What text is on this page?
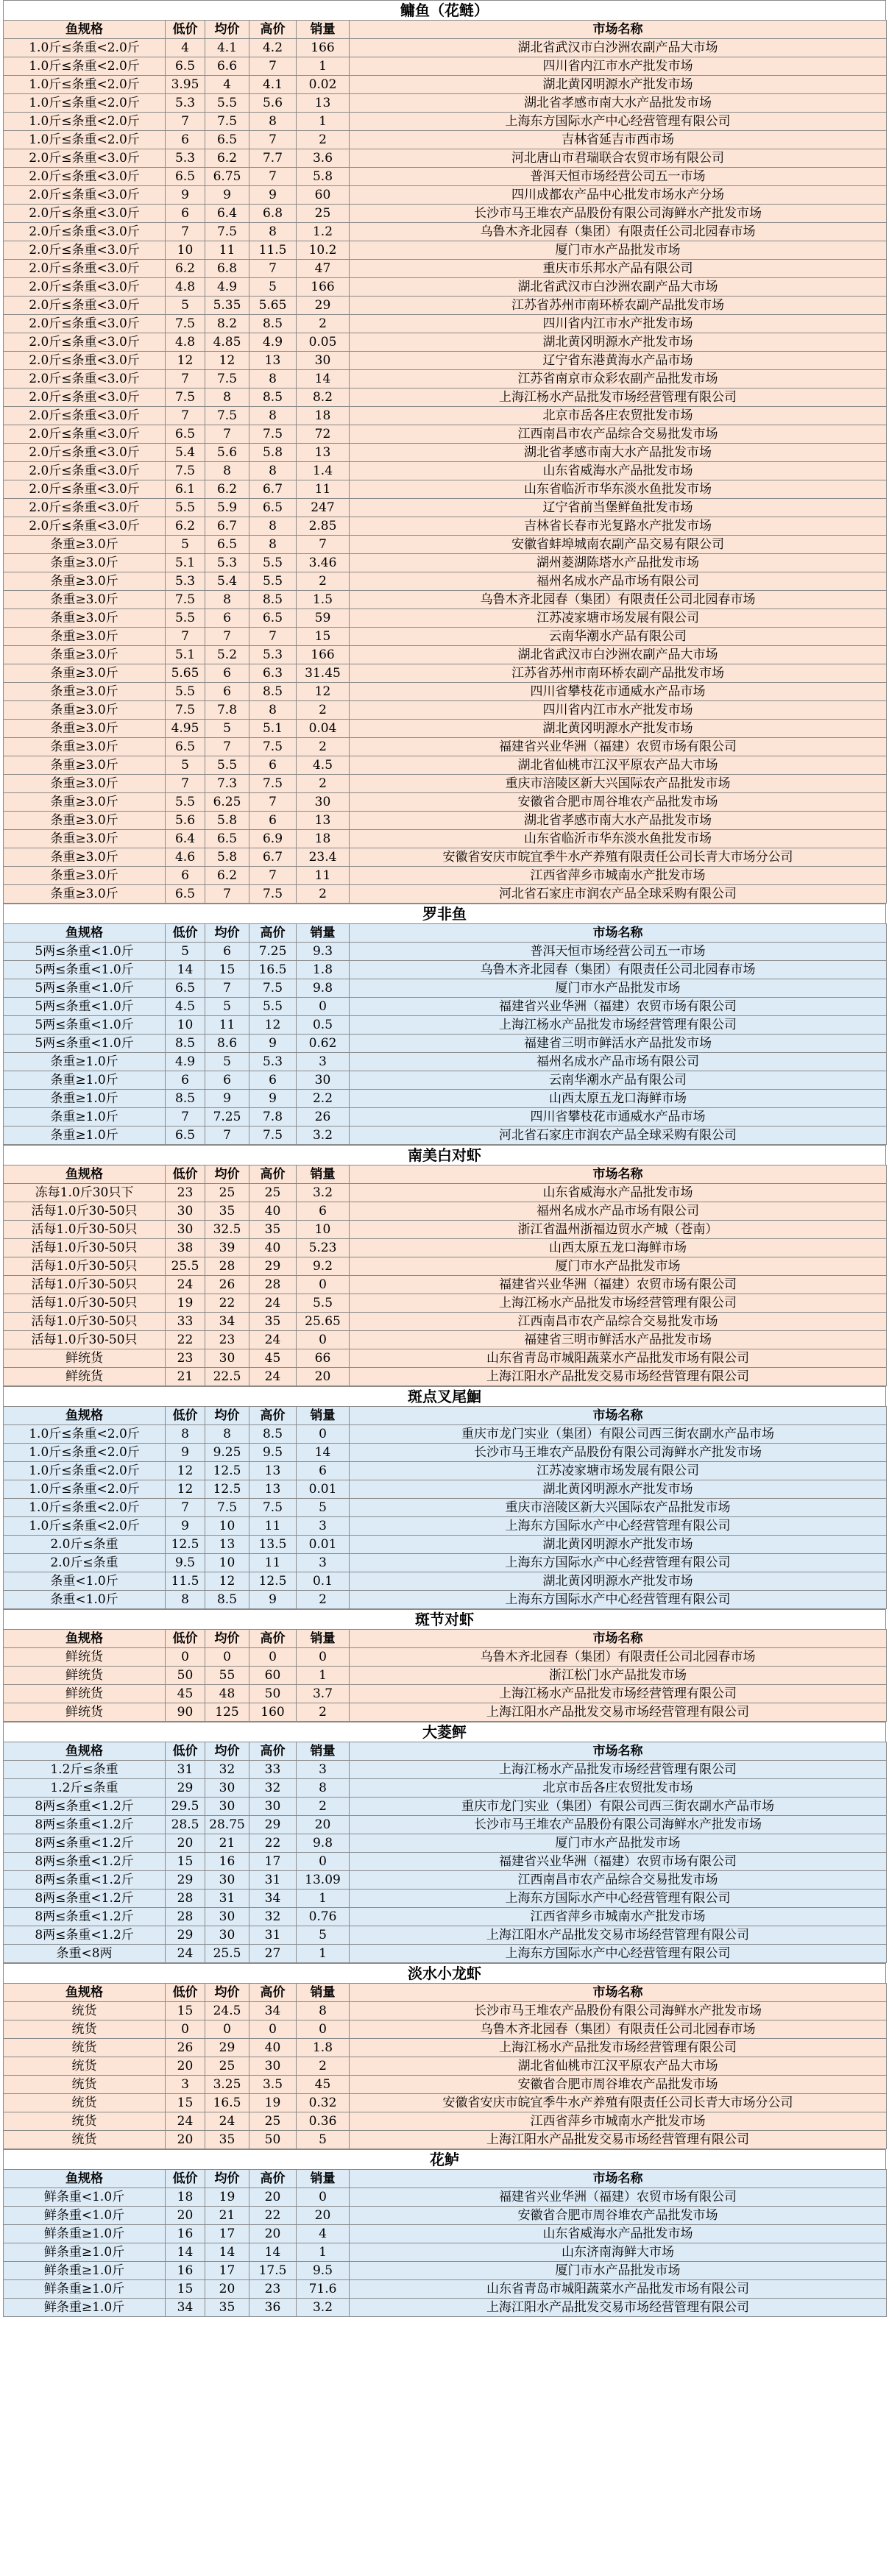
鳙鱼（花鲢）
鱼规格	低价	均价	高价	销量	市场名称
1.0斤≤条重<2.0斤	4	4.1	4.2	166	湖北省武汉市白沙洲农副产品大市场
1.0斤≤条重<2.0斤	6.5	6.6	7	1	四川省内江市水产批发市场
1.0斤≤条重<2.0斤	3.95	4	4.1	0.02	湖北黄冈明源水产批发市场
1.0斤≤条重<2.0斤	5.3	5.5	5.6	13	湖北省孝感市南大水产品批发市场
1.0斤≤条重<2.0斤	7	7.5	8	1	上海东方国际水产中心经营管理有限公司
1.0斤≤条重<2.0斤	6	6.5	7	2	吉林省延吉市西市场
2.0斤≤条重<3.0斤	5.3	6.2	7.7	3.6	河北唐山市君瑞联合农贸市场有限公司
2.0斤≤条重<3.0斤	6.5	6.75	7	5.8	普洱天恒市场经营公司五一市场
2.0斤≤条重<3.0斤	9	9	9	60	四川成都农产品中心批发市场水产分场
2.0斤≤条重<3.0斤	6	6.4	6.8	25	长沙市马王堆农产品股份有限公司海鲜水产批发市场
2.0斤≤条重<3.0斤	7	7.5	8	1.2	乌鲁木齐北园春（集团）有限责任公司北园春市场
2.0斤≤条重<3.0斤	10	11	11.5	10.2	厦门市水产品批发市场
2.0斤≤条重<3.0斤	6.2	6.8	7	47	重庆市乐邦水产品有限公司
2.0斤≤条重<3.0斤	4.8	4.9	5	166	湖北省武汉市白沙洲农副产品大市场
2.0斤≤条重<3.0斤	5	5.35	5.65	29	江苏省苏州市南环桥农副产品批发市场
2.0斤≤条重<3.0斤	7.5	8.2	8.5	2	四川省内江市水产批发市场
2.0斤≤条重<3.0斤	4.8	4.85	4.9	0.05	湖北黄冈明源水产批发市场
2.0斤≤条重<3.0斤	12	12	13	30	辽宁省东港黄海水产品市场
2.0斤≤条重<3.0斤	7	7.5	8	14	江苏省南京市众彩农副产品批发市场
2.0斤≤条重<3.0斤	7.5	8	8.5	8.2	上海江杨水产品批发市场经营管理有限公司
2.0斤≤条重<3.0斤	7	7.5	8	18	北京市岳各庄农贸批发市场
2.0斤≤条重<3.0斤	6.5	7	7.5	72	江西南昌市农产品综合交易批发市场
2.0斤≤条重<3.0斤	5.4	5.6	5.8	13	湖北省孝感市南大水产品批发市场
2.0斤≤条重<3.0斤	7.5	8	8	1.4	山东省威海水产品批发市场
2.0斤≤条重<3.0斤	6.1	6.2	6.7	11	山东省临沂市华东淡水鱼批发市场
2.0斤≤条重<3.0斤	5.5	5.9	6.5	247	辽宁省前当堡鲜鱼批发市场
2.0斤≤条重<3.0斤	6.2	6.7	8	2.85	吉林省长春市光复路水产批发市场
条重≥3.0斤	5	6.5	8	7	安徽省蚌埠城南农副产品交易有限公司
条重≥3.0斤	5.1	5.3	5.5	3.46	湖州菱湖陈塔水产品批发市场
条重≥3.0斤	5.3	5.4	5.5	2	福州名成水产品市场有限公司
条重≥3.0斤	7.5	8	8.5	1.5	乌鲁木齐北园春（集团）有限责任公司北园春市场
条重≥3.0斤	5.5	6	6.5	59	江苏凌家塘市场发展有限公司
条重≥3.0斤	7	7	7	15	云南华潮水产品有限公司
条重≥3.0斤	5.1	5.2	5.3	166	湖北省武汉市白沙洲农副产品大市场
条重≥3.0斤	5.65	6	6.3	31.45	江苏省苏州市南环桥农副产品批发市场
条重≥3.0斤	5.5	6	8.5	12	四川省攀枝花市通威水产品市场
条重≥3.0斤	7.5	7.8	8	2	四川省内江市水产批发市场
条重≥3.0斤	4.95	5	5.1	0.04	湖北黄冈明源水产批发市场
条重≥3.0斤	6.5	7	7.5	2	福建省兴业华洲（福建）农贸市场有限公司
条重≥3.0斤	5	5.5	6	4.5	湖北省仙桃市江汉平原农产品大市场
条重≥3.0斤	7	7.3	7.5	2	重庆市涪陵区新大兴国际农产品批发市场
条重≥3.0斤	5.5	6.25	7	30	安徽省合肥市周谷堆农产品批发市场
条重≥3.0斤	5.6	5.8	6	13	湖北省孝感市南大水产品批发市场
条重≥3.0斤	6.4	6.5	6.9	18	山东省临沂市华东淡水鱼批发市场
条重≥3.0斤	4.6	5.8	6.7	23.4	安徽省安庆市皖宜季牛水产养殖有限责任公司长青大市场分公司
条重≥3.0斤	6	6.2	7	11	江西省萍乡市城南水产批发市场
条重≥3.0斤	6.5	7	7.5	2	河北省石家庄市润农产品全球采购有限公司
罗非鱼
鱼规格	低价	均价	高价	销量	市场名称
5两≤条重<1.0斤	5	6	7.25	9.3	普洱天恒市场经营公司五一市场
5两≤条重<1.0斤	14	15	16.5	1.8	乌鲁木齐北园春（集团）有限责任公司北园春市场
5两≤条重<1.0斤	6.5	7	7.5	9.8	厦门市水产品批发市场
5两≤条重<1.0斤	4.5	5	5.5	0	福建省兴业华洲（福建）农贸市场有限公司
5两≤条重<1.0斤	10	11	12	0.5	上海江杨水产品批发市场经营管理有限公司
5两≤条重<1.0斤	8.5	8.6	9	0.62	福建省三明市鲜活水产品批发市场
条重≥1.0斤	4.9	5	5.3	3	福州名成水产品市场有限公司
条重≥1.0斤	6	6	6	30	云南华潮水产品有限公司
条重≥1.0斤	8.5	9	9	2.2	山西太原五龙口海鲜市场
条重≥1.0斤	7	7.25	7.8	26	四川省攀枝花市通威水产品市场
条重≥1.0斤	6.5	7	7.5	3.2	河北省石家庄市润农产品全球采购有限公司
南美白对虾
鱼规格	低价	均价	高价	销量	市场名称
冻每1.0斤30只下	23	25	25	3.2	山东省威海水产品批发市场
活每1.0斤30-50只	30	35	40	6	福州名成水产品市场有限公司
活每1.0斤30-50只	30	32.5	35	10	浙江省温州浙福边贸水产城（苍南）
活每1.0斤30-50只	38	39	40	5.23	山西太原五龙口海鲜市场
活每1.0斤30-50只	25.5	28	29	9.2	厦门市水产品批发市场
活每1.0斤30-50只	24	26	28	0	福建省兴业华洲（福建）农贸市场有限公司
活每1.0斤30-50只	19	22	24	5.5	上海江杨水产品批发市场经营管理有限公司
活每1.0斤30-50只	33	34	35	25.65	江西南昌市农产品综合交易批发市场
活每1.0斤30-50只	22	23	24	0	福建省三明市鲜活水产品批发市场
鲜统货	23	30	45	66	山东省青岛市城阳蔬菜水产品批发市场有限公司
鲜统货	21	22.5	24	20	上海江阳水产品批发交易市场经营管理有限公司
斑点叉尾鮰
鱼规格	低价	均价	高价	销量	市场名称
1.0斤≤条重<2.0斤	8	8	8.5	0	重庆市龙门实业（集团）有限公司西三街农副水产品市场
1.0斤≤条重<2.0斤	9	9.25	9.5	14	长沙市马王堆农产品股份有限公司海鲜水产批发市场
1.0斤≤条重<2.0斤	12	12.5	13	6	江苏凌家塘市场发展有限公司
1.0斤≤条重<2.0斤	12	12.5	13	0.01	湖北黄冈明源水产批发市场
1.0斤≤条重<2.0斤	7	7.5	7.5	5	重庆市涪陵区新大兴国际农产品批发市场
1.0斤≤条重<2.0斤	9	10	11	3	上海东方国际水产中心经营管理有限公司
2.0斤≤条重	12.5	13	13.5	0.01	湖北黄冈明源水产批发市场
2.0斤≤条重	9.5	10	11	3	上海东方国际水产中心经营管理有限公司
条重<1.0斤	11.5	12	12.5	0.1	湖北黄冈明源水产批发市场
条重<1.0斤	8	8.5	9	2	上海东方国际水产中心经营管理有限公司
斑节对虾
鱼规格	低价	均价	高价	销量	市场名称
鲜统货	0	0	0	0	乌鲁木齐北园春（集团）有限责任公司北园春市场
鲜统货	50	55	60	1	浙江松门水产品批发市场
鲜统货	45	48	50	3.7	上海江杨水产品批发市场经营管理有限公司
鲜统货	90	125	160	2	上海江阳水产品批发交易市场经营管理有限公司
大菱鲆
鱼规格	低价	均价	高价	销量	市场名称
1.2斤≤条重	31	32	33	3	上海江杨水产品批发市场经营管理有限公司
1.2斤≤条重	29	30	32	8	北京市岳各庄农贸批发市场
8两≤条重<1.2斤	29.5	30	30	2	重庆市龙门实业（集团）有限公司西三街农副水产品市场
8两≤条重<1.2斤	28.5	28.75	29	20	长沙市马王堆农产品股份有限公司海鲜水产批发市场
8两≤条重<1.2斤	20	21	22	9.8	厦门市水产品批发市场
8两≤条重<1.2斤	15	16	17	0	福建省兴业华洲（福建）农贸市场有限公司
8两≤条重<1.2斤	29	30	31	13.09	江西南昌市农产品综合交易批发市场
8两≤条重<1.2斤	28	31	34	1	上海东方国际水产中心经营管理有限公司
8两≤条重<1.2斤	28	30	32	0.76	江西省萍乡市城南水产批发市场
8两≤条重<1.2斤	29	30	31	5	上海江阳水产品批发交易市场经营管理有限公司
条重<8两	24	25.5	27	1	上海东方国际水产中心经营管理有限公司
淡水小龙虾
鱼规格	低价	均价	高价	销量	市场名称
统货	15	24.5	34	8	长沙市马王堆农产品股份有限公司海鲜水产批发市场
统货	0	0	0	0	乌鲁木齐北园春（集团）有限责任公司北园春市场
统货	26	29	40	1.8	上海江杨水产品批发市场经营管理有限公司
统货	20	25	30	2	湖北省仙桃市江汉平原农产品大市场
统货	3	3.25	3.5	45	安徽省合肥市周谷堆农产品批发市场
统货	15	16.5	19	0.32	安徽省安庆市皖宜季牛水产养殖有限责任公司长青大市场分公司
统货	24	24	25	0.36	江西省萍乡市城南水产批发市场
统货	20	35	50	5	上海江阳水产品批发交易市场经营管理有限公司
花鲈
鱼规格	低价	均价	高价	销量	市场名称
鲜条重<1.0斤	18	19	20	0	福建省兴业华洲（福建）农贸市场有限公司
鲜条重<1.0斤	20	21	22	20	安徽省合肥市周谷堆农产品批发市场
鲜条重≥1.0斤	16	17	20	4	山东省威海水产品批发市场
鲜条重≥1.0斤	14	14	14	1	山东济南海鲜大市场
鲜条重≥1.0斤	16	17	17.5	9.5	厦门市水产品批发市场
鲜条重≥1.0斤	15	20	23	71.6	山东省青岛市城阳蔬菜水产品批发市场有限公司
鲜条重≥1.0斤	34	35	36	3.2	上海江阳水产品批发交易市场经营管理有限公司
